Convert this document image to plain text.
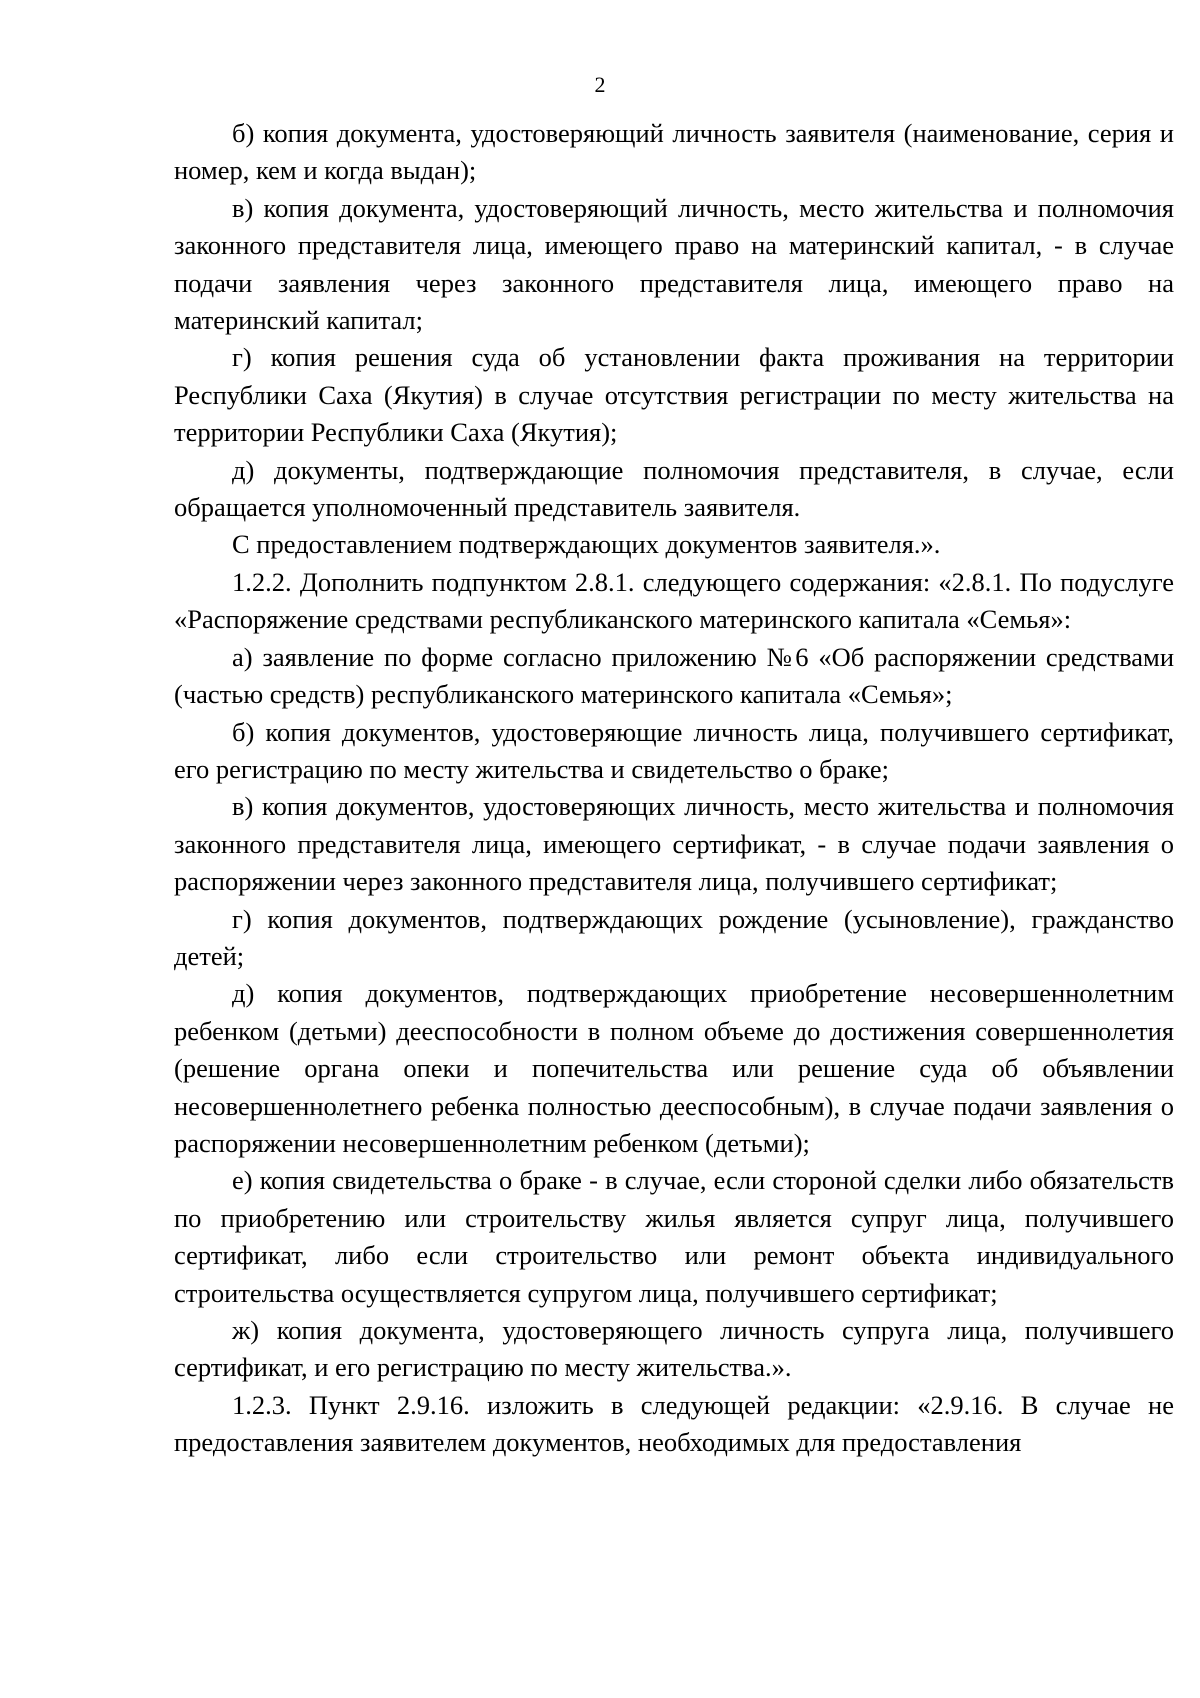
2

б) копия документа, удостоверяющий личность заявителя (наименование, серия и номер, кем и когда выдан);

в) копия документа, удостоверяющий личность, место жительства и полномочия законного представителя лица, имеющего право на материнский капитал, - в случае подачи заявления через законного представителя лица, имеющего право на материнский капитал;

г) копия решения суда об установлении факта проживания на территории Республики Саха (Якутия) в случае отсутствия регистрации по месту жительства на территории Республики Саха (Якутия);

д) документы, подтверждающие полномочия представителя, в случае, если обращается уполномоченный представитель заявителя.

С предоставлением подтверждающих документов заявителя.».

1.2.2. Дополнить подпунктом 2.8.1. следующего содержания: «2.8.1. По подуслуге «Распоряжение средствами республиканского материнского капитала «Семья»:

а) заявление по форме согласно приложению №6 «Об распоряжении средствами (частью средств) республиканского материнского капитала «Семья»;

б) копия документов, удостоверяющие личность лица, получившего сертификат, его регистрацию по месту жительства и свидетельство о браке;

в) копия документов, удостоверяющих личность, место жительства и полномочия законного представителя лица, имеющего сертификат, - в случае подачи заявления о распоряжении через законного представителя лица, получившего сертификат;

г) копия документов, подтверждающих рождение (усыновление), гражданство детей;

д) копия документов, подтверждающих приобретение несовершеннолетним ребенком (детьми) дееспособности в полном объеме до достижения совершеннолетия (решение органа опеки и попечительства или решение суда об объявлении несовершеннолетнего ребенка полностью дееспособным), в случае подачи заявления о распоряжении несовершеннолетним ребенком (детьми);

е) копия свидетельства о браке - в случае, если стороной сделки либо обязательств по приобретению или строительству жилья является супруг лица, получившего сертификат, либо если строительство или ремонт объекта индивидуального строительства осуществляется супругом лица, получившего сертификат;

ж) копия документа, удостоверяющего личность супруга лица, получившего сертификат, и его регистрацию по месту жительства.».

1.2.3. Пункт 2.9.16. изложить в следующей редакции: «2.9.16. В случае не предоставления заявителем документов, необходимых для предоставления
